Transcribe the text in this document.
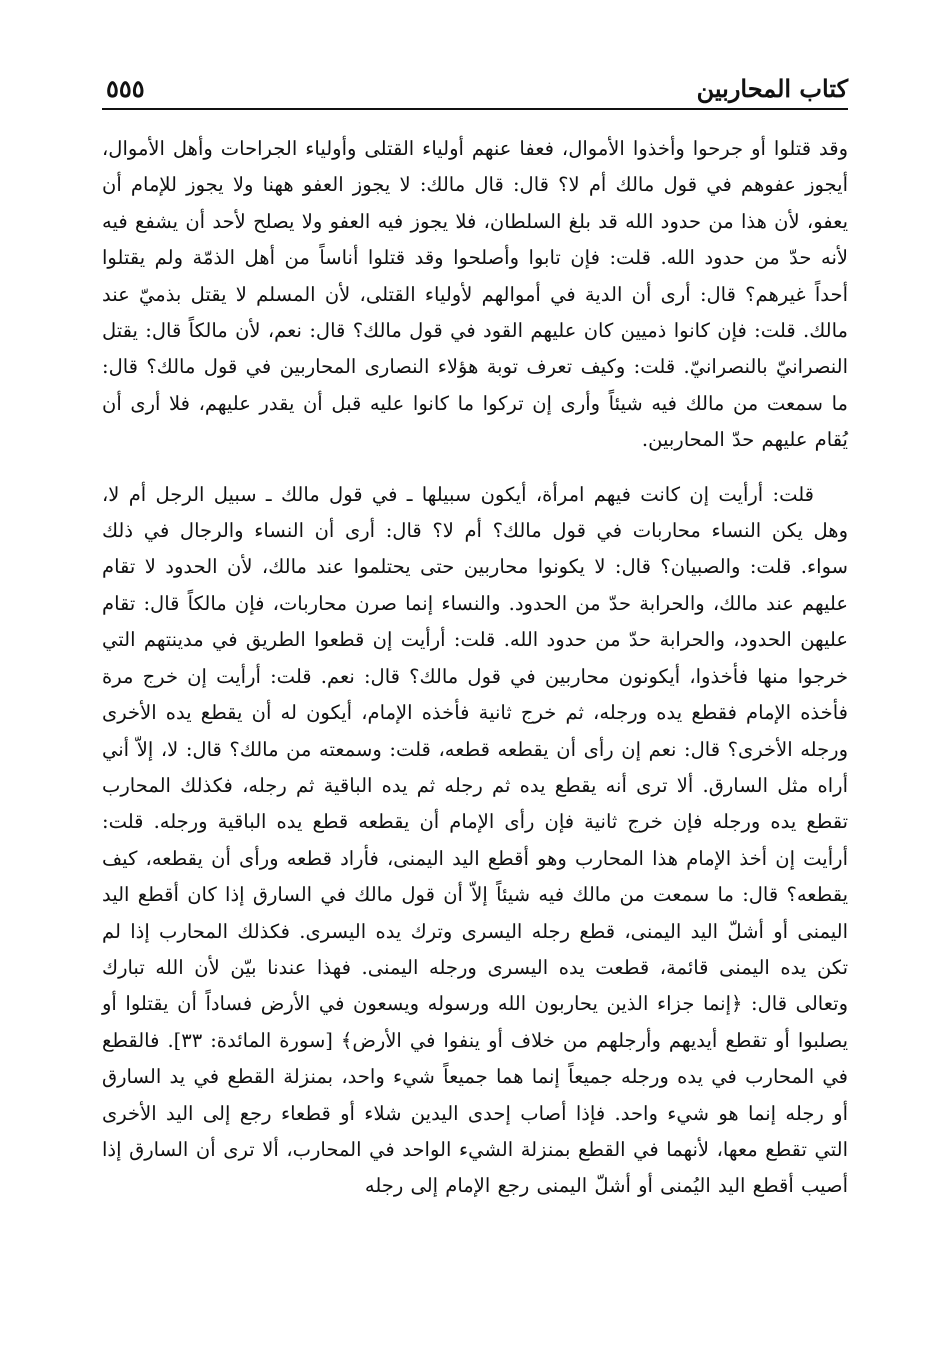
كتاب المحاربين
٥٥٥

وقد قتلوا أو جرحوا وأخذوا الأموال، فعفا عنهم أولياء القتلى وأولياء الجراحات وأهل الأموال، أيجوز عفوهم في قول مالك أم لا؟ قال: قال مالك: لا يجوز العفو ههنا ولا يجوز للإمام أن يعفو، لأن هذا من حدود الله قد بلغ السلطان، فلا يجوز فيه العفو ولا يصلح لأحد أن يشفع فيه لأنه حدّ من حدود الله. قلت: فإن تابوا وأصلحوا وقد قتلوا أناساً من أهل الذمّة ولم يقتلوا أحداً غيرهم؟ قال: أرى أن الدية في أموالهم لأولياء القتلى، لأن المسلم لا يقتل بذميّ عند مالك. قلت: فإن كانوا ذميين كان عليهم القود في قول مالك؟ قال: نعم، لأن مالكاً قال: يقتل النصرانيّ بالنصرانيّ. قلت: وكيف تعرف توبة هؤلاء النصارى المحاربين في قول مالك؟ قال: ما سمعت من مالك فيه شيئاً وأرى إن تركوا ما كانوا عليه قبل أن يقدر عليهم، فلا أرى أن يُقام عليهم حدّ المحاربين.

قلت: أرأيت إن كانت فيهم امرأة، أيكون سبيلها ـ في قول مالك ـ سبيل الرجل أم لا، وهل يكن النساء محاربات في قول مالك؟ أم لا؟ قال: أرى أن النساء والرجال في ذلك سواء. قلت: والصبيان؟ قال: لا يكونوا محاربين حتى يحتلموا عند مالك، لأن الحدود لا تقام عليهم عند مالك، والحرابة حدّ من الحدود. والنساء إنما صرن محاربات، فإن مالكاً قال: تقام عليهن الحدود، والحرابة حدّ من حدود الله. قلت: أرأيت إن قطعوا الطريق في مدينتهم التي خرجوا منها فأخذوا، أيكونون محاربين في قول مالك؟ قال: نعم. قلت: أرأيت إن خرج مرة فأخذه الإمام فقطع يده ورجله، ثم خرج ثانية فأخذه الإمام، أيكون له أن يقطع يده الأخرى ورجله الأخرى؟ قال: نعم إن رأى أن يقطعه قطعه، قلت: وسمعته من مالك؟ قال: لا، إلاّ أني أراه مثل السارق. ألا ترى أنه يقطع يده ثم رجله ثم يده الباقية ثم رجله، فكذلك المحارب تقطع يده ورجله فإن خرج ثانية فإن رأى الإمام أن يقطعه قطع يده الباقية ورجله. قلت: أرأيت إن أخذ الإمام هذا المحارب وهو أقطع اليد اليمنى، فأراد قطعه ورأى أن يقطعه، كيف يقطعه؟ قال: ما سمعت من مالك فيه شيئاً إلاّ أن قول مالك في السارق إذا كان أقطع اليد اليمنى أو أشلّ اليد اليمنى، قطع رجله اليسرى وترك يده اليسرى. فكذلك المحارب إذا لم تكن يده اليمنى قائمة، قطعت يده اليسرى ورجله اليمنى. فهذا عندنا بيّن لأن الله تبارك وتعالى قال: ﴿إنما جزاء الذين يحاربون الله ورسوله ويسعون في الأرض فساداً أن يقتلوا أو يصلبوا أو تقطع أيديهم وأرجلهم من خلاف أو ينفوا في الأرض﴾ [سورة المائدة: ٣٣]. فالقطع في المحارب في يده ورجله جميعاً إنما هما جميعاً شيء واحد، بمنزلة القطع في يد السارق أو رجله إنما هو شيء واحد. فإذا أصاب إحدى اليدين شلاء أو قطعاء رجع إلى اليد الأخرى التي تقطع معها، لأنهما في القطع بمنزلة الشيء الواحد في المحارب، ألا ترى أن السارق إذا أصيب أقطع اليد اليُمنى أو أشلّ اليمنى رجع الإمام إلى رجله
